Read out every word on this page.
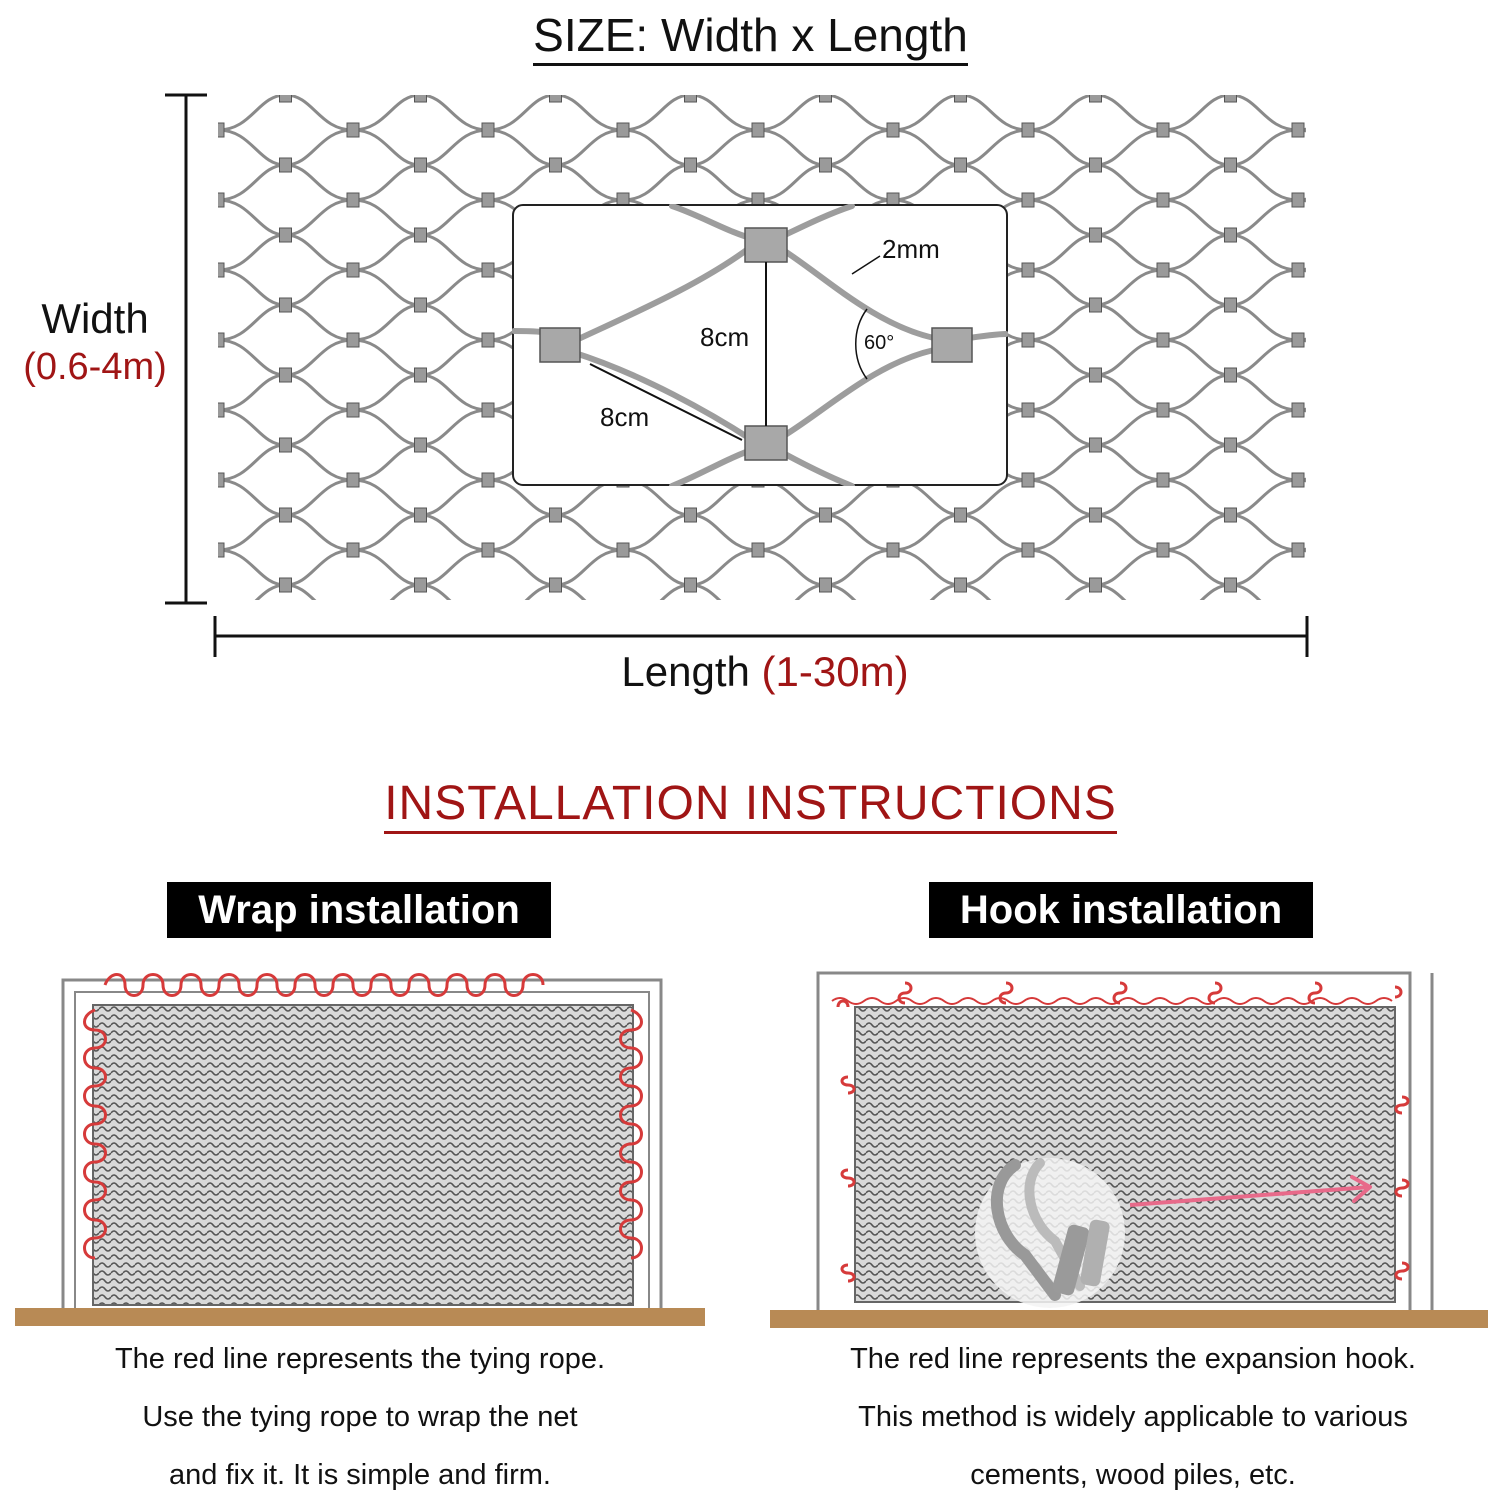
SIZE: Width x Length
2mm
8cm
8cm
60°
Width
(0.6-4m)
Length (1-30m)
INSTALLATION INSTRUCTIONS
Wrap installation	Hook installation
The red line represents the tying rope.
Use the tying rope to wrap the net
and fix it. It is simple and firm.
The red line represents the expansion hook.
This method is widely applicable to various
cements, wood piles, etc.
